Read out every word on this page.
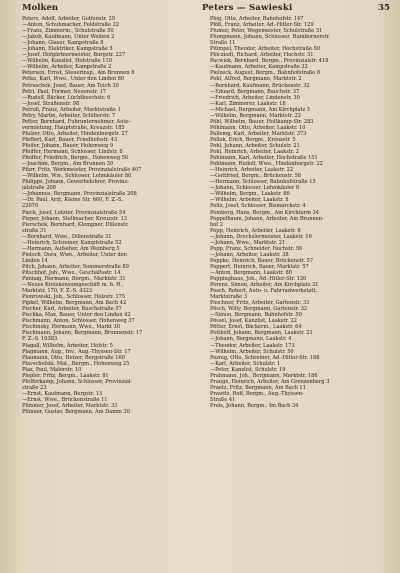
Molken	Peters — Sawieski	35
Peters, Adolf, Arbeiter, Gotfenstr. 29
—Anton, Schuhmacher, Feldstraße 22
—Franz, Zimmerm., Schulstraße 50
—Jakob, Kaufmann, Unter Weihen 2
—Johann, Glaser, Kampstraße 8
—Johann, Elektriker, Kampstraße 5
—Josef, Hofgärtnermeister, Burgstr. 227
—Wilhelm, Kanzlist, Hofstraße 110
—Wilhelm, Arbeiter, Kampstraße 2
Petersen, Ernst, Steuerinsp., Am Brunnen 8
Petke, Karl, Wwe., Unter den Linden 80
Petraschek, Josef, Bauer, Am Teich 30
Petri, Paul, Former, Neuenstr. 17
—Rudolf, Bäcker, Lüchtbuschstr. 6
—Josef, Straßenstr. 98
Petroll, Franz, Arbeiter, Marktstraße 1
Petry, Martin, Arbeiter, Schillerstr. 7
Petter, Bernhard, Fuhrunternehmer, Auto-
vermietung, Hauptstraße, Kreuzstr. 185
Pfalzer, Otto, Arbeiter, Hindenburgstr. 27
Pfeffert, Karl, Bauer, Friedhofsstr. 43
Pfeifer, Johann, Bauer, Hohenweg 9
Pfeiffer, Hermann, Schlosser, Lindstr. 8
Pfeiffer, Friedrich, Bergm., Hohenweg 50
—Joachim, Bergm., Am Brunnen 30
Pfarr, Fritz, Werkmeister, Provinzialstraße 407
—Wilhelm, Ww., Schlosser, Lehmkäuler 80
Philipps, Johann, Gewerbelehrer, Provinz-
ialstraße 208
—Johannes, Bergmann, Provinzialstraße 208
—Dr. Paul, Arzt, Kleine Str. 660, F. Z.-S.
22070
Pieck, Josef, Letzter, Provinzialstraße 54
Pieper, Johann, Stellmacher, Kreuzstr. 13
Pierschek, Bernhard, Klempner, Dillenstr.
straße 31
—Bernhard, Wwe., Dillenstraße 31
—Heinrich, Schreiner, Kampfstraße 52
—Hermann, Aufseher, Am Weinberg 5
Pietsch, Dora, Wwe., Arbeiter, Unter den
Linden 14
Pilch, Johann, Arbeiter, Sommerstraße 89
Pitschhof, Joh., Wwe., Geschäftsstr. 14
Pimnag, Hermann, Bergm., Marktstr. 31
—Neues Kreiskonsumgeschäft m. b. H.,
Marktstr. 170, F. Z.-S. 4323
Pionrowski, Joh., Schlosser, Holzstr. 175
Pipkel, Wilhelm, Bergmann, Am Bach 42
Pischer, Karl, Arbeiter, Buschstraße 57
Pischka, Max, Bauer, Unter den Linden 42
Pischmann, Anton, Schlosser, Hohenweg 37
Pischinsky, Hermann, Wwe., Markt 30
Pischmann, Johann, Bergmann, Brunnenstr. 17
F. Z.-S. 10383
Plagall, Wilhelm, Arbeiter, Hofstr. 5
Plagmann, Aug., Inv., Aug.-Thyssen-Str. 17
Plaumann, Otto, Heizer, Bergstraße 160
Plavschefski, Mat., Bergm., Hohenweg 25
Plaz, Paul, Malerstr. 10
Plepler, Fritz, Bergm., Laakstr. 81
Pfefferkamp, Johann, Schlosser, Provinzial-
straße 23
—Ernst, Kaufmann, Bergstr. 13
—Ernst, Wwe., Brückenstraße 11
Plimmer, Josef, Arbeiter, Marktstr. 33
Plünner, Gustav, Bergmann, Am Damm 30
Plog, Otto, Arbeiter, Bahnhofstr. 147
Plöß, Franz, Arbeiter, Ad.-Hitler-Str. 129
Plumer, Peter, Wegemeister, Schulstraße 31
Plumpmann, Johann, Schlosser, Hambornerstr.
Straße 11
Plümpel, Theodor, Arbeiter, Hochstraße 50
Plöcziedt, Richard, Arbeiter, Hochstr. 31
Pacwiek, Bernhard, Bergm., Provinzialstr. 418
—Kaufmann, Arbeiter, Kampstraße 32
Pielzeck, August, Bergm., Bahnhofstraße 8
Pohl, Alfred, Bergmann, Marktstr. 2
—Bernhard, Kaufmann, Brückenstr. 32
—Eduard, Bergmann, Bauchstr. 37
—Friedrich, Arbeiter, Lindenstr. 30
—Karl, Zimmerer, Laakstr. 18
—Michael, Bergmann, Am Kirchplatz 5
—Wilhelm, Bergmann, Marktstr. 22
Pöhl, Wilhelm, Bauer, Holtkamp-Str. 283
Pöhlmann, Otto, Arbeiter, Laakstr. 10
Pallemg, Karl, Arbeiter, Marktstr. 373
Pollok, Erich, Bergm., Kreuzstr. 5
Pohl, Johann, Arbeiter, Schulstr. 21
Pohl, Heinrich, Arbeiter, Laakstr. 2
Pohlmann, Karl, Arbeiter, Hochstraße 151
Pohlmann, Rudolf, Wwe., Hindenburgstr. 22
—Heinrich, Arbeiter, Laakstr. 22
—Gottfried, Bergm., Brückenstr. 58
—Hermann, Schlosser, Bahnhofstraße 15
—Johann, Schlosser, Lehmkäuler 8
—Wilhelm, Bergm., Laakstr. 86
—Wilhelm, Arbeiter, Laakstr. 8
Poltz, Josef, Schlosser, Bismarckstr. 4
Pomberg, Hans, Bergm., Am Kirchturm 24
Poppelbaum, Johann, Arbeiter, Am Brunnen-
hof 2
Popp, Heinrich, Arbeiter, Laakstr. 8
—Johann, Drechslermeister, Laakstr. 16
—Johann, Wwe., Marktstr. 21
Popp, Franz, Schneider, Hochstr. 56
—Johann, Arbeiter, Laakstr. 38
Poppke, Heinrich, Bauer, Brückenstr. 57
Poppert, Heinrich, Bauer, Marktstr. 57
—Anton, Bergmann, Laakstr. 80
Poppinghaus, Joh., Ad.-Hitler-Str. 126
Porenz, Simon, Arbeiter, Am Kirchplatz 21
Posch, Robert, Auto- u. Fahrradwerkstatt,
Marktstraße 3
Poschner, Fritz, Arbeiter, Gartenstr. 33
Pösch, Willy, Bergmann, Gartenstr. 32
—Simon, Bergmann, Bahnhofstr. 50
Pössel, Josef, Kanzlist, Laakstr. 22
Pötter, Ernst, Bäckerm., Laakstr. 64
Potthoff, Johann, Bergmann, Laakstr. 21
—Johann, Bergmann, Laakstr. 4
—Theodor, Arbeiter, Laakstr. 173
—Wilhelm, Arbeiter, Schulstr. 50
Poznig, Otto, Schreiner, Ad.-Hitler-Str. 188
—Karl, Arbeiter, Schulstr. 1
—Peter, Kanzlist, Schulstr. 19
Prahmann, Joh., Bergmann, Marktstr. 186
Prange, Heinrich, Arbeiter, Am Grenzenberg 3
Praetz, Fritz, Bergmann, Am Bach 11
Prawitz, Rolf, Bergm., Aug.-Thyssen-
Straße 41
Preis, Johann, Bergm., Im Bach 34
